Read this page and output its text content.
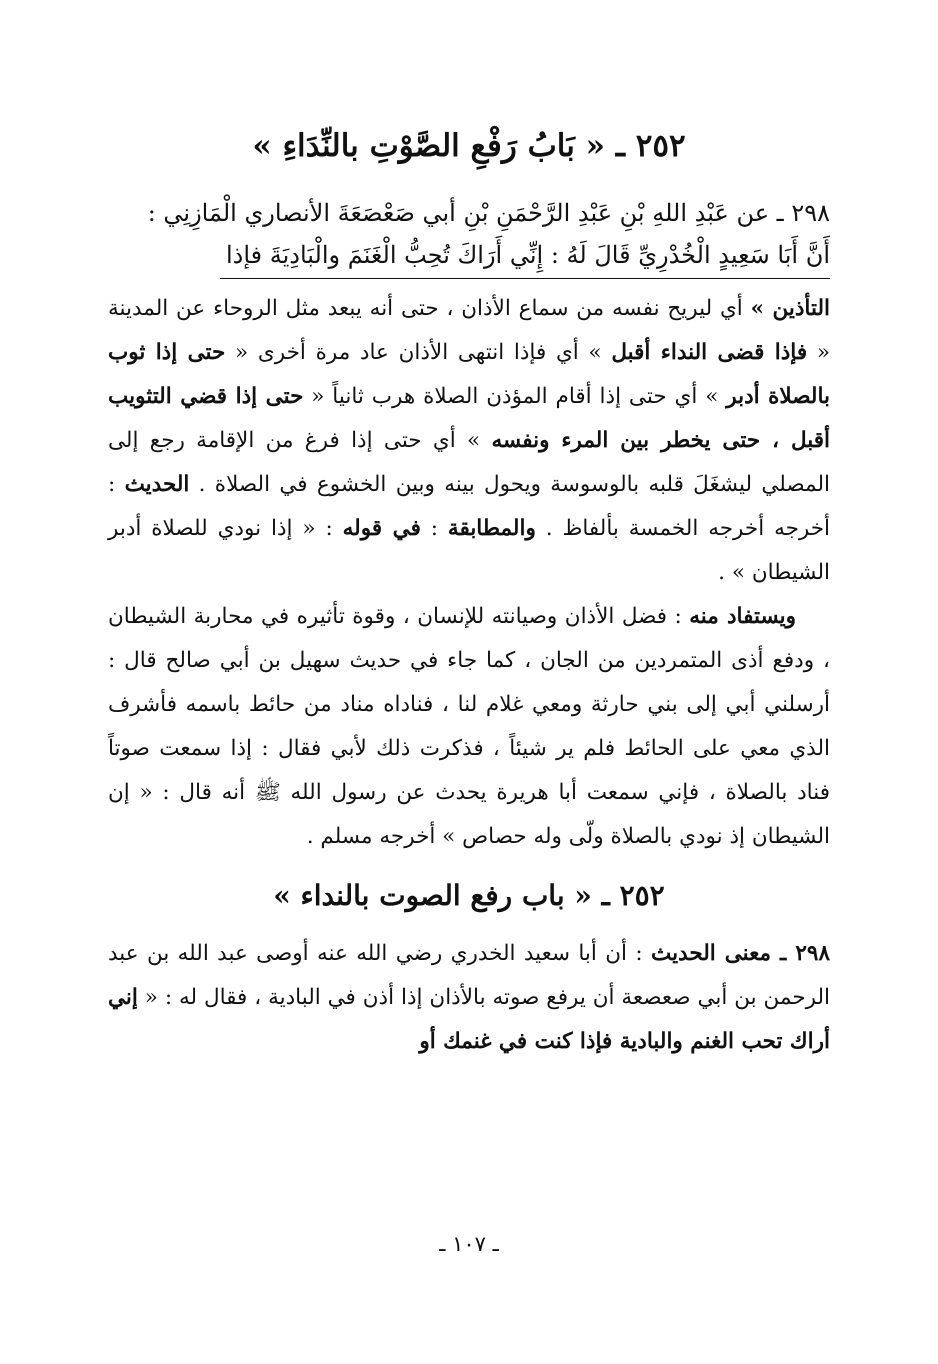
٢٥٢ ـ « بَابُ رَفْعِ الصَّوْتِ بالنِّدَاءِ »
٢٩٨ ـ عن عَبْدِ اللهِ بْنِ عَبْدِ الرَّحْمَنِ بْنِ أبي صَعْصَعَةَ الأنصاري الْمَازِنِي :
أَنَّ أَبَا سَعِيدٍ الْخُدْرِيِّ قَالَ لَهُ : إِنِّي أَرَاكَ تُحِبُّ الْغَنَمَ والْبَادِيَةَ فإذا

التأذين » أي ليريح نفسه من سماع الأذان ، حتى أنه يبعد مثل الروحاء عن المدينة « فإذا قضى النداء أقبل » أي فإذا انتهى الأذان عاد مرة أخرى « حتى إذا ثوب بالصلاة أدبر » أي حتى إذا أقام المؤذن الصلاة هرب ثانياً « حتى إذا قضي التثويب أقبل ، حتى يخطر بين المرء ونفسه » أي حتى إذا فرغ من الإقامة رجع إلى المصلي ليشغَلَ قلبه بالوسوسة ويحول بينه وبين الخشوع في الصلاة . الحديث : أخرجه أخرجه الخمسة بألفاظ . والمطابقة : في قوله : « إذا نودي للصلاة أدبر الشيطان » .

ويستفاد منه : فضل الأذان وصيانته للإنسان ، وقوة تأثيره في محاربة الشيطان ، ودفع أذى المتمردين من الجان ، كما جاء في حديث سهيل بن أبي صالح قال : أرسلني أبي إلى بني حارثة ومعي غلام لنا ، فناداه مناد من حائط باسمه فأشرف الذي معي على الحائط فلم ير شيئاً ، فذكرت ذلك لأبي فقال : إذا سمعت صوتاً فناد بالصلاة ، فإني سمعت أبا هريرة يحدث عن رسول الله ﷺ أنه قال : « إن الشيطان إذ نودي بالصلاة ولّى وله حصاص » أخرجه مسلم .

٢٥٢ ـ « باب رفع الصوت بالنداء »

٢٩٨ ـ معنى الحديث : أن أبا سعيد الخدري رضي الله عنه أوصى عبد الله بن عبد الرحمن بن أبي صعصعة أن يرفع صوته بالأذان إذا أذن في البادية ، فقال له : « إني أراك تحب الغنم والبادية فإذا كنت في غنمك أو

ـ ١٠٧ ـ
